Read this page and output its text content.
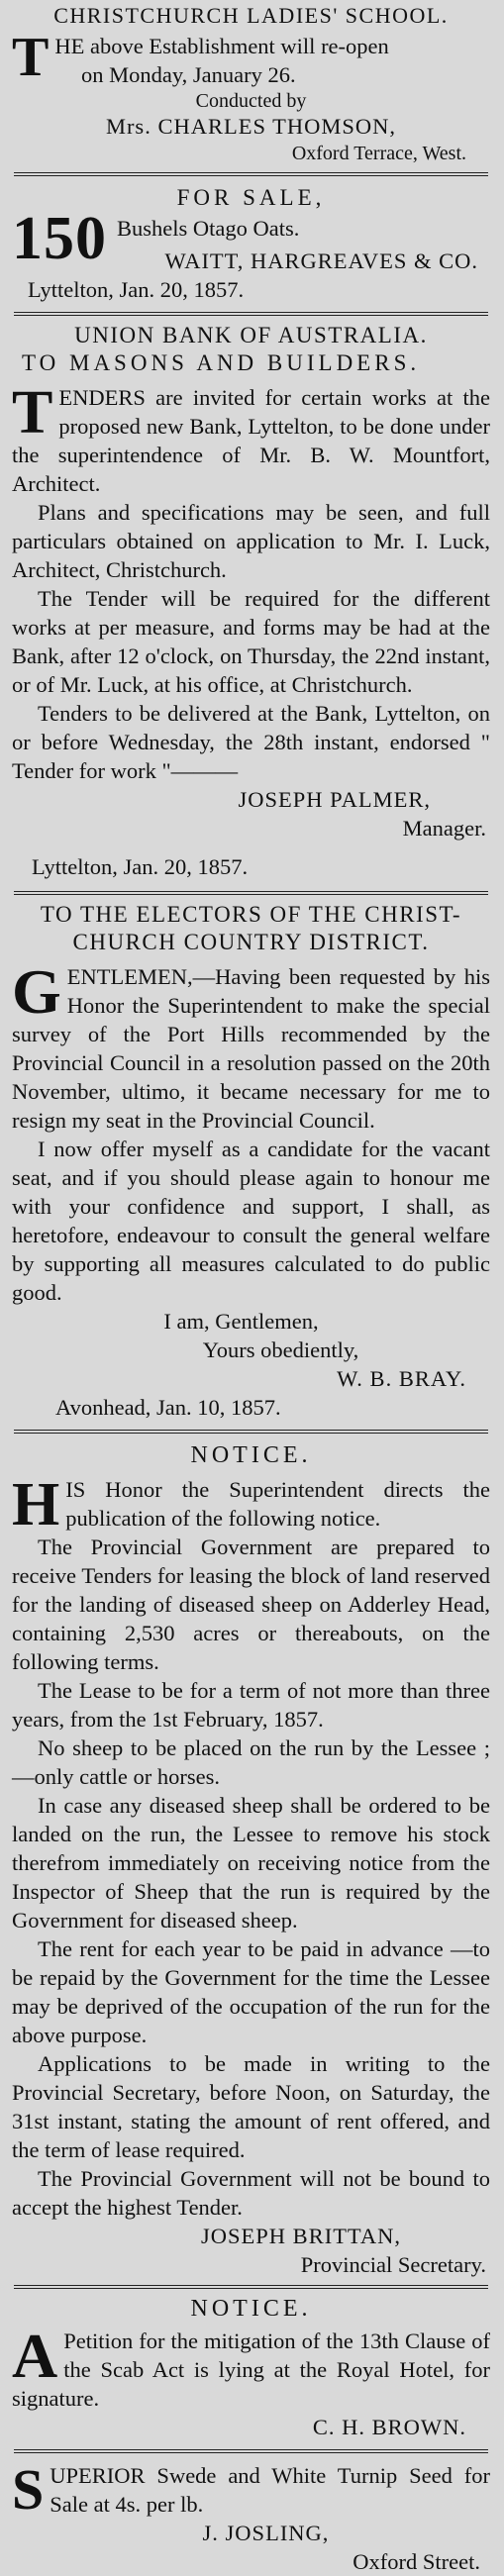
CHRISTCHURCH LADIES' SCHOOL.
T HE above Establishment will re-open

on Monday, January 26.

Conducted by

Mrs. CHARLES THOMSON,

Oxford Terrace, West.

FOR SALE,
150 Bushels Otago Oats.

WAITT, HARGREAVES & CO.

Lyttelton, Jan. 20, 1857.

UNION BANK OF AUSTRALIA.
TO MASONS AND BUILDERS.
T ENDERS are invited for certain works at the proposed new Bank, Lyttelton, to be done under the superintendence of Mr. B. W. Mountfort, Architect.

Plans and specifications may be seen, and full particulars obtained on application to Mr. I. Luck, Architect, Christchurch.

The Tender will be required for the different works at per measure, and forms may be had at the Bank, after 12 o'clock, on Thursday, the 22nd instant, or of Mr. Luck, at his office, at Christchurch.

Tenders to be delivered at the Bank, Lyttelton, on or before Wednesday, the 28th instant, endorsed " Tender for work "———

JOSEPH PALMER,

Manager.

Lyttelton, Jan. 20, 1857.

TO THE ELECTORS OF THE CHRIST-CHURCH COUNTRY DISTRICT.
G ENTLEMEN,—Having been requested by his Honor the Superintendent to make the special survey of the Port Hills recommended by the Provincial Council in a resolution passed on the 20th November, ultimo, it became necessary for me to resign my seat in the Provincial Council.

I now offer myself as a candidate for the vacant seat, and if you should please again to honour me with your confidence and support, I shall, as heretofore, endeavour to consult the general welfare by supporting all measures calculated to do public good.

I am, Gentlemen,

Yours obediently,

W. B. BRAY.

Avonhead, Jan. 10, 1857.

NOTICE.
H IS Honor the Superintendent directs the publication of the following notice.

The Provincial Government are prepared to receive Tenders for leasing the block of land reserved for the landing of diseased sheep on Adderley Head, containing 2,530 acres or thereabouts, on the following terms.

The Lease to be for a term of not more than three years, from the 1st February, 1857.

No sheep to be placed on the run by the Lessee ;—only cattle or horses.

In case any diseased sheep shall be ordered to be landed on the run, the Lessee to remove his stock therefrom immediately on receiving notice from the Inspector of Sheep that the run is required by the Government for diseased sheep.

The rent for each year to be paid in advance —to be repaid by the Government for the time the Lessee may be deprived of the occupation of the run for the above purpose.

Applications to be made in writing to the Provincial Secretary, before Noon, on Saturday, the 31st instant, stating the amount of rent offered, and the term of lease required.

The Provincial Government will not be bound to accept the highest Tender.

JOSEPH BRITTAN,

Provincial Secretary.

NOTICE.
A Petition for the mitigation of the 13th Clause of the Scab Act is lying at the Royal Hotel, for signature.

C. H. BROWN.

S UPERIOR Swede and White Turnip Seed for Sale at 4s. per lb.

J. JOSLING,

Oxford Street.
